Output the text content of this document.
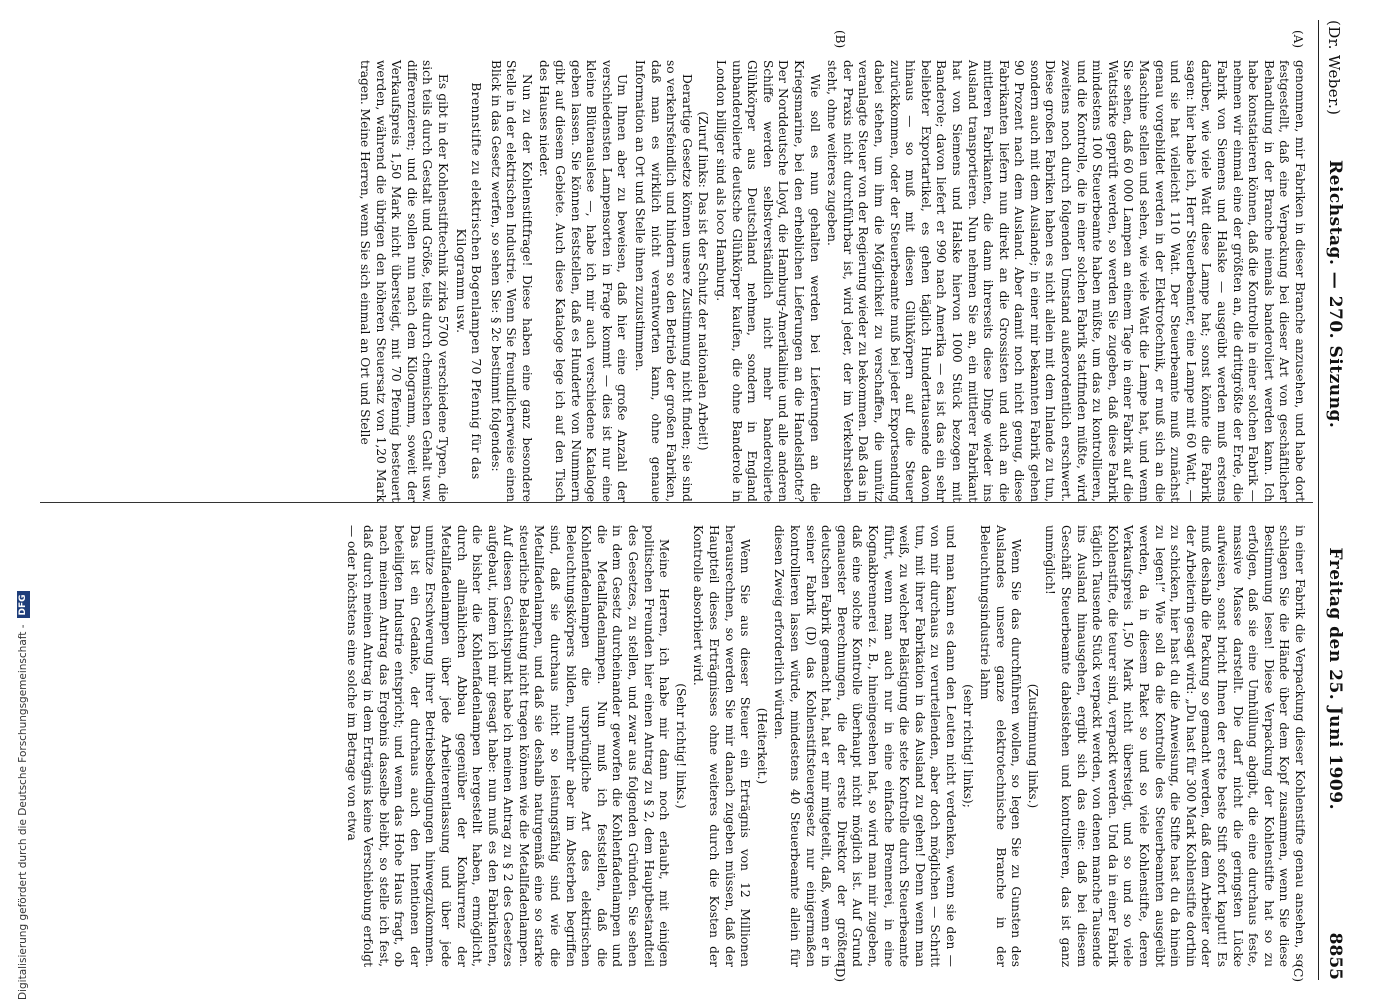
(Dr. Weber.)
Reichstag. — 270. Sitzung.
Freitag den 25. Juni 1909.
8855
(A)
(B)
(C)
(D)

genommen, mir Fabriken in dieser Branche anzusehen, und habe dort festgestellt, daß eine Verpackung bei dieser Art von geschäftlicher Behandlung in der Branche niemals banderoliert werden kann. Ich habe konstatieren können, daß die Kontrolle in einer solchen Fabrik — nehmen wir einmal eine der größten an, die drittgrößte der Erde, die Fabrik von Siemens und Halske — ausgeübt werden muß erstens darüber, wie viele Watt diese Lampe hat; sonst könnte die Fabrik sagen: hier habe ich, Herr Steuerbeamter, eine Lampe mit 60 Watt, — und sie hat vielleicht 110 Watt. Der Steuerbeamte muß zunächst genau vorgebildet werden in der Elektrotechnik, er muß sich an die Maschine stellen und sehen, wie viele Watt die Lampe hat, und wenn Sie sehen, daß 60 000 Lampen an einem Tage in einer Fabrik auf die Wattstärke geprüft werden, so werden Sie zugeben, daß diese Fabrik mindestens 100 Steuerbeamte haben müßte, um das zu kontrollieren, und die Kontrolle, die in einer solchen Fabrik stattfinden müßte, wird zweitens noch durch folgenden Umstand außerordentlich erschwert. Diese großen Fabriken haben es nicht allein mit dem Inlande zu tun, sondern auch mit dem Auslande; in einer mir bekannten Fabrik gehen 90 Prozent nach dem Ausland. Aber damit noch nicht genug, diese Fabrikanten liefern nun direkt an die Grossisten und auch an die mittleren Fabrikanten, die dann ihrerseits diese Dinge wieder ins Ausland transportieren. Nun nehmen Sie an, ein mittlerer Fabrikant hat von Siemens und Halske hiervon 1000 Stück bezogen mit Banderole; davon liefert er 990 nach Amerika — es ist das ein sehr beliebter Exportartikel, es gehen täglich Hunderttausende davon hinaus — so muß mit diesen Glühkörpern auf die Steuer zurückkommen, oder der Steuerbeamte muß bei jeder Exportsendung dabei stehen, um ihm die Möglichkeit zu verschaffen, die unnütz veranlagte Steuer von der Regierung wieder zu bekommen. Daß das in der Praxis nicht durchführbar ist, wird jeder, der im Verkehrsleben steht, ohne weiteres zugeben.

Wie soll es nun gehalten werden bei Lieferungen an die Kriegsmarine, bei den erheblichen Lieferungen an die Handelsflotte? Der Norddeutsche Lloyd, die Hamburg-Amerikalinie und alle anderen Schiffe werden selbstverständlich nicht mehr banderolierte Glühkörper aus Deutschland nehmen, sondern in England unbanderolierte deutsche Glühkörper kaufen, die ohne Banderole in London billiger sind als loco Hamburg.

(Zuruf links: Das ist der Schutz der nationalen Arbeit!)

Derartige Gesetze können unsere Zustimmung nicht finden; sie sind so verkehrsfeindlich und hindern so den Betrieb der großen Fabriken, daß man es wirklich nicht verantworten kann, ohne genaue Information an Ort und Stelle ihnen zuzustimmen.

Um Ihnen aber zu beweisen, daß hier eine große Anzahl der verschiedensten Lampensorten in Frage kommt — dies ist nur eine kleine Blütenauslese —, habe ich mir auch verschiedene Kataloge geben lassen. Sie können feststellen, daß es Hunderte von Nummern gibt auf diesem Gebiete. Auch diese Kataloge lege ich auf den Tisch des Hauses nieder.

Nun zu der Kohlenstiftfrage! Diese haben eine ganz besondere Stelle in der elektrischen Industrie. Wenn Sie freundlicherweise einen Blick in das Gesetz werfen, so sehen Sie: § 2c bestimmt folgendes:

Brennstifte zu elektrischen Bogenlampen 70 Pfennig für das Kilogramm usw.

Es gibt in der Kohlenstifttechnik zirka 5700 verschiedene Typen, die sich teils durch Gestalt und Größe, teils durch chemischen Gehalt usw. differenzieren; und die sollen nun nach dem Kilogramm, soweit der Verkaufspreis 1,50 Mark nicht übersteigt, mit 70 Pfennig besteuert werden, während die übrigen den höheren Steuersatz von 1,20 Mark tragen. Meine Herren, wenn Sie sich einmal an Ort und Stelle

in einer Fabrik die Verpackung dieser Kohlenstifte genau ansehen, so schlagen Sie die Hände über dem Kopf zusammen, wenn Sie diese Bestimmung lesen! Diese Verpackung der Kohlenstifte hat so zu erfolgen, daß sie eine Umhüllung abgibt, die eine durchaus feste, massive Masse darstellt. Die darf nicht die geringsten Lücke aufweisen, sonst bricht Ihnen der erste beste Stift sofort kaputt! Es muß deshalb die Packung so gemacht werden, daß dem Arbeiter oder der Arbeiterin gesagt wird: „Du hast für 300 Mark Kohlenstifte dorthin zu schicken, hier hast du die Anweisung, die Stifte hast du da hinein zu legen!“ Wie soll da die Kontrolle des Steuerbeamten ausgeübt werden, da in diesem Paket so und so viele Kohlenstifte, deren Verkaufspreis 1,50 Mark nicht übersteigt, und so und so viele Kohlenstifte, die teurer sind, verpackt werden. Und da in einer Fabrik täglich Tausende Stück verpackt werden, von denen manche Tausende ins Ausland hinausgehen, ergibt sich das eine: daß bei diesem Geschäft Steuerbeamte dabeistehen und kontrollieren, das ist ganz unmöglich!

(Zustimmung links.)

Wenn Sie das durchführen wollen, so legen Sie zu Gunsten des Auslandes unsere ganze elektrotechnische Branche in der Beleuchtungsindustrie lahm

(sehr richtig! links);

und man kann es dann den Leuten nicht verdenken, wenn sie den — von mir durchaus zu verurteilenden, aber doch möglichen — Schritt tun, mit ihrer Fabrikation in das Ausland zu gehen! Denn wenn man weiß, zu welcher Belästigung die stete Kontrolle durch Steuerbeamte führt, wenn man auch nur in eine einfache Brennerei, in eine Kognakbrennerei z. B., hineingesehen hat, so wird man mir zugeben, daß eine solche Kontrolle überhaupt nicht möglich ist. Auf Grund genauester Berechnungen, die der erste Direktor der größten deutschen Fabrik gemacht hat, hat er mir mitgeteilt, daß, wenn er in seiner Fabrik (D) das Kohlenstiftsteuergesetz nur einigermaßen kontrollieren lassen würde, mindestens 40 Steuerbeamte allein für diesen Zweig erforderlich würden.

(Heiterkeit.)

Wenn Sie aus dieser Steuer ein Erträgnis von 12 Millionen herausrechnen, so werden Sie mir danach zugeben müssen, daß der Hauptteil dieses Erträgnisses ohne weiteres durch die Kosten der Kontrolle absorbiert wird.

(Sehr richtig! links.)

Meine Herren, ich habe mir dann noch erlaubt, mit einigen politischen Freunden hier einen Antrag zu § 2, dem Hauptbestandteil des Gesetzes, zu stellen, und zwar aus folgenden Gründen. Sie sehen in dem Gesetz durcheinander geworfen die Kohlenfadenlampen und die Metallfadenlampen. Nun muß ich feststellen, daß die Kohlenfadenlampen die ursprüngliche Art des elektrischen Beleuchtungskörpers bilden, nunmehr aber im Absterben begriffen sind, daß sie durchaus nicht so leistungsfähig sind wie die Metallfadenlampen, und daß sie deshalb naturgemäß eine so starke steuerliche Belastung nicht tragen können wie die Metallfadenlampen. Auf diesen Gesichtspunkt habe ich meinen Antrag zu § 2 des Gesetzes aufgebaut, indem ich mir gesagt habe: nun muß es den Fabrikanten, die bisher die Kohlenfadenlampen hergestellt haben, ermöglicht, durch allmählichen Abbau gegenüber der Konkurrenz der Metallfadenlampen über jede Arbeiterentlassung und über jede unnütze Erschwerung ihrer Betriebsbedingungen hinwegzukommen. Das ist ein Gedanke, der durchaus auch den Intentionen der beteiligten Industrie entspricht; und wenn das Hohe Haus fragt, ob nach meinem Antrag das Ergebnis dasselbe bleibt, so stelle ich fest, daß durch meinen Antrag in dem Erträgnis keine Verschiebung erfolgt — oder höchstens eine solche im Betrage von etwa

Digitalisierung gefördert durch die Deutsche Forschungsgemeinschaft -DFG
